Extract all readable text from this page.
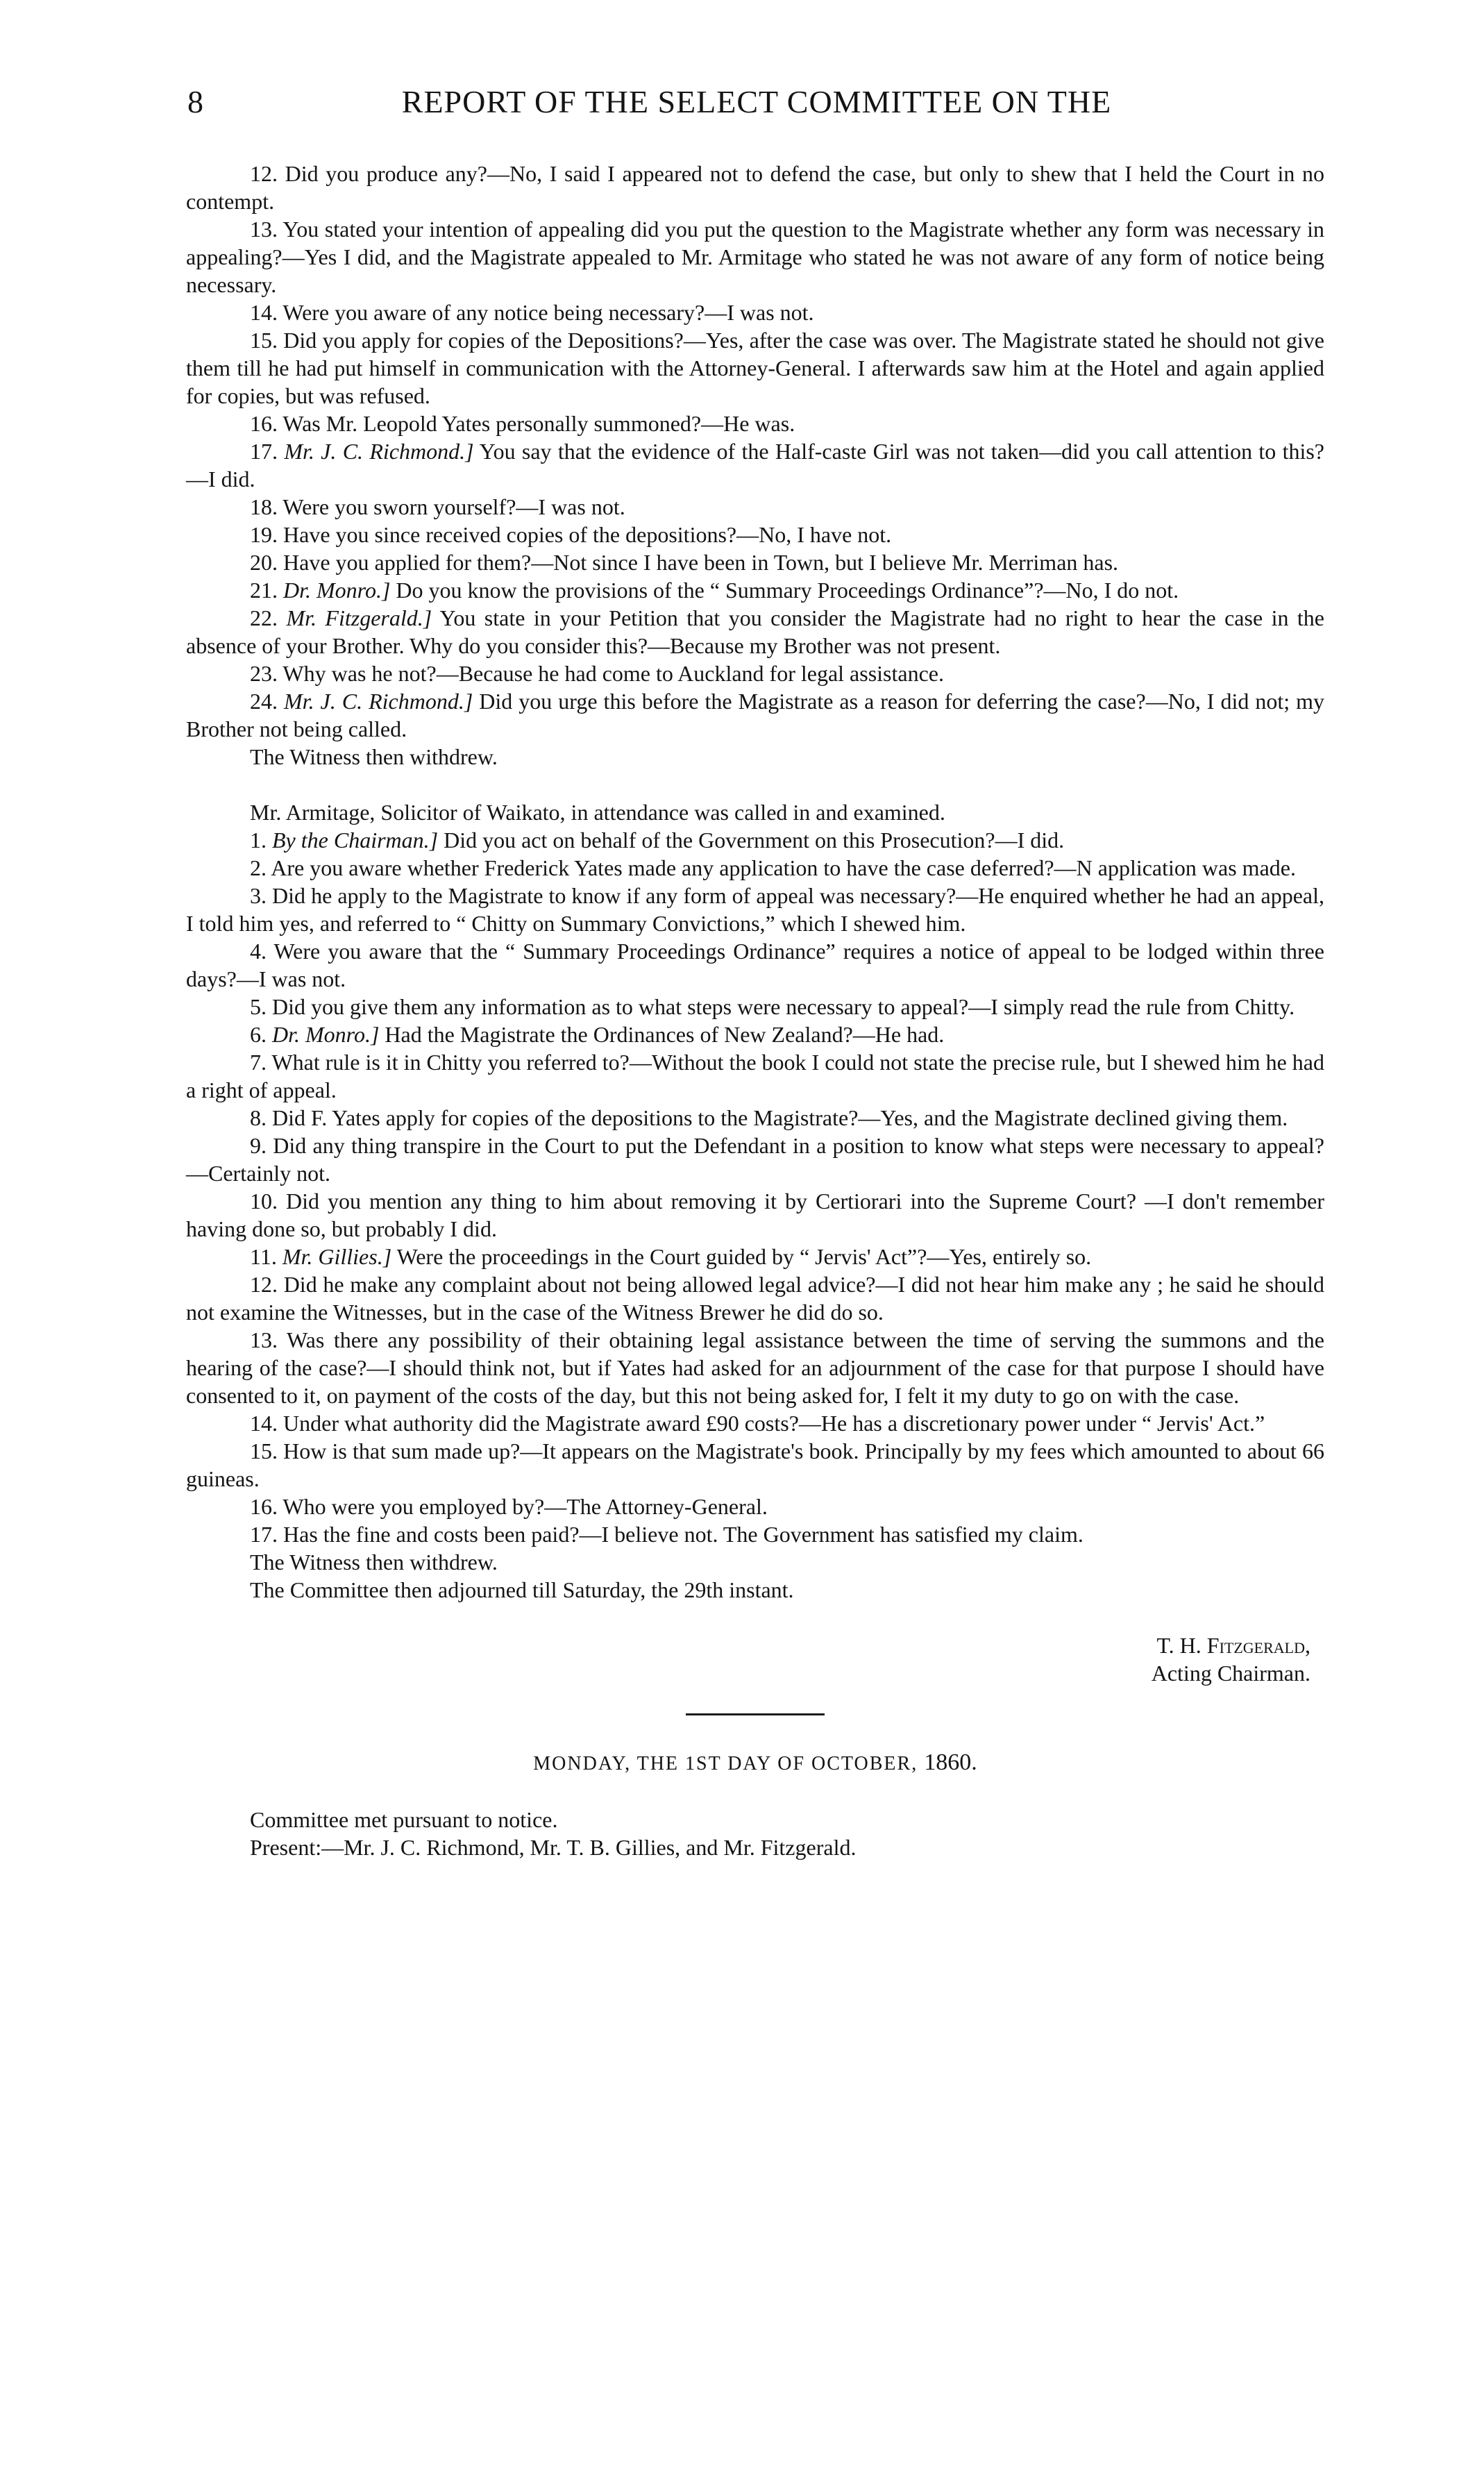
8	REPORT OF THE SELECT COMMITTEE ON THE

12. Did you produce any?—No, I said I appeared not to defend the case, but only to shew that I held the Court in no contempt.

13. You stated your intention of appealing did you put the question to the Magistrate whether any form was necessary in appealing?—Yes I did, and the Magistrate appealed to Mr. Armitage who stated he was not aware of any form of notice being necessary.

14. Were you aware of any notice being necessary?—I was not.

15. Did you apply for copies of the Depositions?—Yes, after the case was over. The Magistrate stated he should not give them till he had put himself in communication with the Attorney-General. I afterwards saw him at the Hotel and again applied for copies, but was refused.

16. Was Mr. Leopold Yates personally summoned?—He was.

17. Mr. J. C. Richmond.] You say that the evidence of the Half-caste Girl was not taken—did you call attention to this?—I did.

18. Were you sworn yourself?—I was not.

19. Have you since received copies of the depositions?—No, I have not.

20. Have you applied for them?—Not since I have been in Town, but I believe Mr. Merriman has.

21. Dr. Monro.] Do you know the provisions of the “ Summary Proceedings Ordinance”?—No, I do not.

22. Mr. Fitzgerald.] You state in your Petition that you consider the Magistrate had no right to hear the case in the absence of your Brother. Why do you consider this?—Because my Brother was not present.

23. Why was he not?—Because he had come to Auckland for legal assistance.

24. Mr. J. C. Richmond.] Did you urge this before the Magistrate as a reason for deferring the case?—No, I did not; my Brother not being called.

The Witness then withdrew.

Mr. Armitage, Solicitor of Waikato, in attendance was called in and examined.

1. By the Chairman.] Did you act on behalf of the Government on this Prosecution?—I did.

2. Are you aware whether Frederick Yates made any application to have the case deferred?—N application was made.

3. Did he apply to the Magistrate to know if any form of appeal was necessary?—He enquired whether he had an appeal, I told him yes, and referred to “ Chitty on Summary Convictions,” which I shewed him.

4. Were you aware that the “ Summary Proceedings Ordinance” requires a notice of appeal to be lodged within three days?—I was not.

5. Did you give them any information as to what steps were necessary to appeal?—I simply read the rule from Chitty.

6. Dr. Monro.] Had the Magistrate the Ordinances of New Zealand?—He had.

7. What rule is it in Chitty you referred to?—Without the book I could not state the precise rule, but I shewed him he had a right of appeal.

8. Did F. Yates apply for copies of the depositions to the Magistrate?—Yes, and the Magistrate declined giving them.

9. Did any thing transpire in the Court to put the Defendant in a position to know what steps were necessary to appeal?—Certainly not.

10. Did you mention any thing to him about removing it by Certiorari into the Supreme Court? —I don't remember having done so, but probably I did.

11. Mr. Gillies.] Were the proceedings in the Court guided by “ Jervis' Act”?—Yes, entirely so.

12. Did he make any complaint about not being allowed legal advice?—I did not hear him make any ; he said he should not examine the Witnesses, but in the case of the Witness Brewer he did do so.

13. Was there any possibility of their obtaining legal assistance between the time of serving the summons and the hearing of the case?—I should think not, but if Yates had asked for an adjournment of the case for that purpose I should have consented to it, on payment of the costs of the day, but this not being asked for, I felt it my duty to go on with the case.

14. Under what authority did the Magistrate award £90 costs?—He has a discretionary power under “ Jervis' Act.”

15. How is that sum made up?—It appears on the Magistrate's book. Principally by my fees which amounted to about 66 guineas.

16. Who were you employed by?—The Attorney-General.

17. Has the fine and costs been paid?—I believe not. The Government has satisfied my claim.

The Witness then withdrew.

The Committee then adjourned till Saturday, the 29th instant.

T. H. Fitzgerald,
Acting Chairman.
MONDAY, THE 1ST DAY OF OCTOBER, 1860.

Committee met pursuant to notice.

Present:—Mr. J. C. Richmond, Mr. T. B. Gillies, and Mr. Fitzgerald.
